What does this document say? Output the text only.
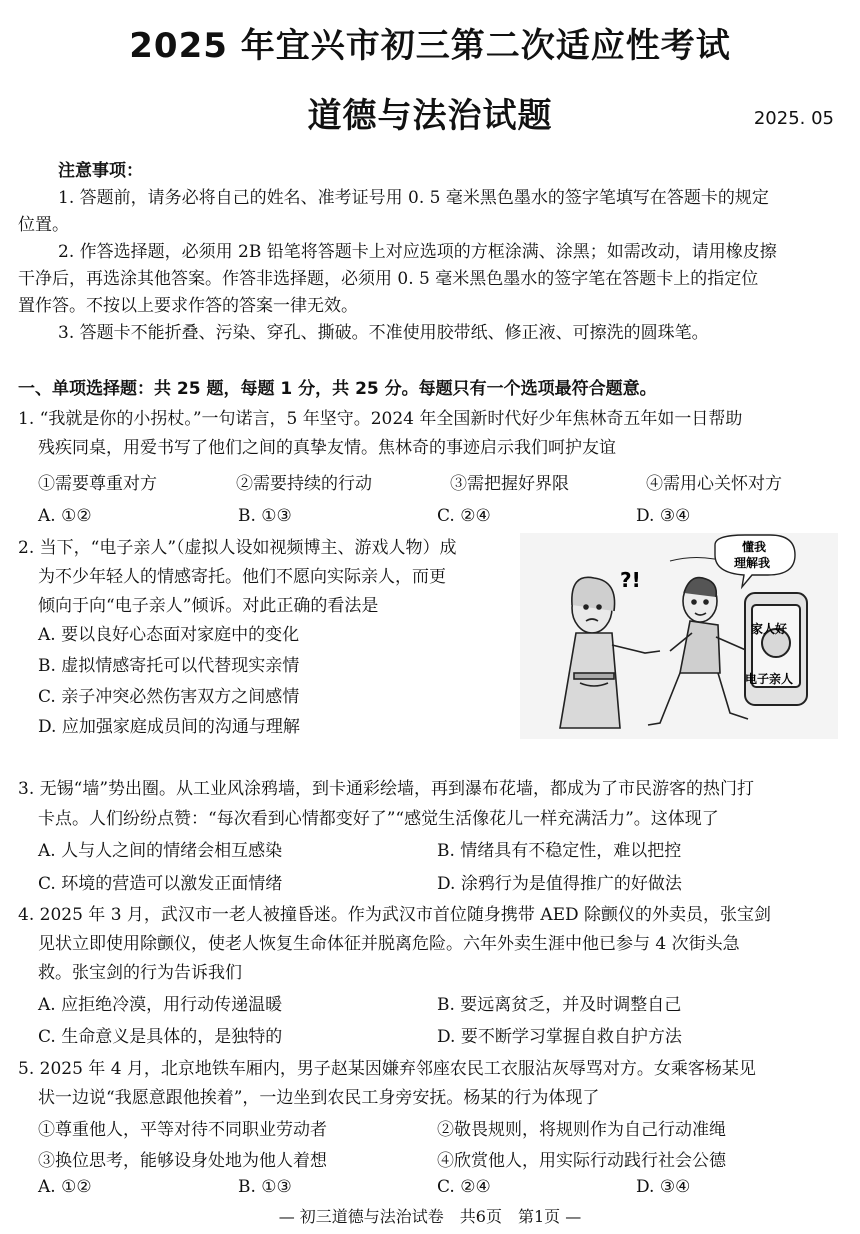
2025 年宜兴市初三第二次适应性考试
道德与法治试题	2025. 05
注意事项：
1. 答题前，请务必将自己的姓名、准考证号用 0. 5 毫米黑色墨水的签字笔填写在答题卡的规定
位置。
2. 作答选择题，必须用 2B 铅笔将答题卡上对应选项的方框涂满、涂黑；如需改动，请用橡皮擦
干净后，再选涂其他答案。作答非选择题，必须用 0. 5 毫米黑色墨水的签字笔在答题卡上的指定位
置作答。不按以上要求作答的答案一律无效。
3. 答题卡不能折叠、污染、穿孔、撕破。不准使用胶带纸、修正液、可擦洗的圆珠笔。
一、单项选择题：共 25 题，每题 1 分，共 25 分。每题只有一个选项最符合题意。
1. “我就是你的小拐杖。”一句诺言，5 年坚守。2024 年全国新时代好少年焦林奇五年如一日帮助
残疾同桌，用爱书写了他们之间的真挚友情。焦林奇的事迹启示我们呵护友谊
①需要尊重对方	②需要持续的行动	③需把握好界限	④需用心关怀对方
A. ①②	B. ①③	C. ②④	D. ③④
2. 当下，“电子亲人”（虚拟人设如视频博主、游戏人物）成
为不少年轻人的情感寄托。他们不愿向实际亲人，而更
倾向于向“电子亲人”倾诉。对此正确的看法是
A. 要以良好心态面对家庭中的变化
B. 虚拟情感寄托可以代替现实亲情
C. 亲子冲突必然伤害双方之间感情
D. 应加强家庭成员间的沟通与理解
?!
家人好
电子亲人
懂我
理解我
3. 无锡“墙”势出圈。从工业风涂鸦墙，到卡通彩绘墙，再到瀑布花墙，都成为了市民游客的热门打
卡点。人们纷纷点赞：“每次看到心情都变好了”“感觉生活像花儿一样充满活力”。这体现了
A. 人与人之间的情绪会相互感染	B. 情绪具有不稳定性，难以把控
C. 环境的营造可以激发正面情绪	D. 涂鸦行为是值得推广的好做法
4. 2025 年 3 月，武汉市一老人被撞昏迷。作为武汉市首位随身携带 AED 除颤仪的外卖员，张宝剑
见状立即使用除颤仪，使老人恢复生命体征并脱离危险。六年外卖生涯中他已参与 4 次街头急
救。张宝剑的行为告诉我们
A. 应拒绝冷漠，用行动传递温暖	B. 要远离贫乏，并及时调整自己
C. 生命意义是具体的，是独特的	D. 要不断学习掌握自救自护方法
5. 2025 年 4 月，北京地铁车厢内，男子赵某因嫌弃邻座农民工衣服沾灰辱骂对方。女乘客杨某见
状一边说“我愿意跟他挨着”，一边坐到农民工身旁安抚。杨某的行为体现了
①尊重他人，平等对待不同职业劳动者	②敬畏规则，将规则作为自己行动准绳
③换位思考，能够设身处地为他人着想	④欣赏他人，用实际行动践行社会公德
A. ①②	B. ①③	C. ②④	D. ③④
— 初三道德与法治试卷　共6页　第1页 —
